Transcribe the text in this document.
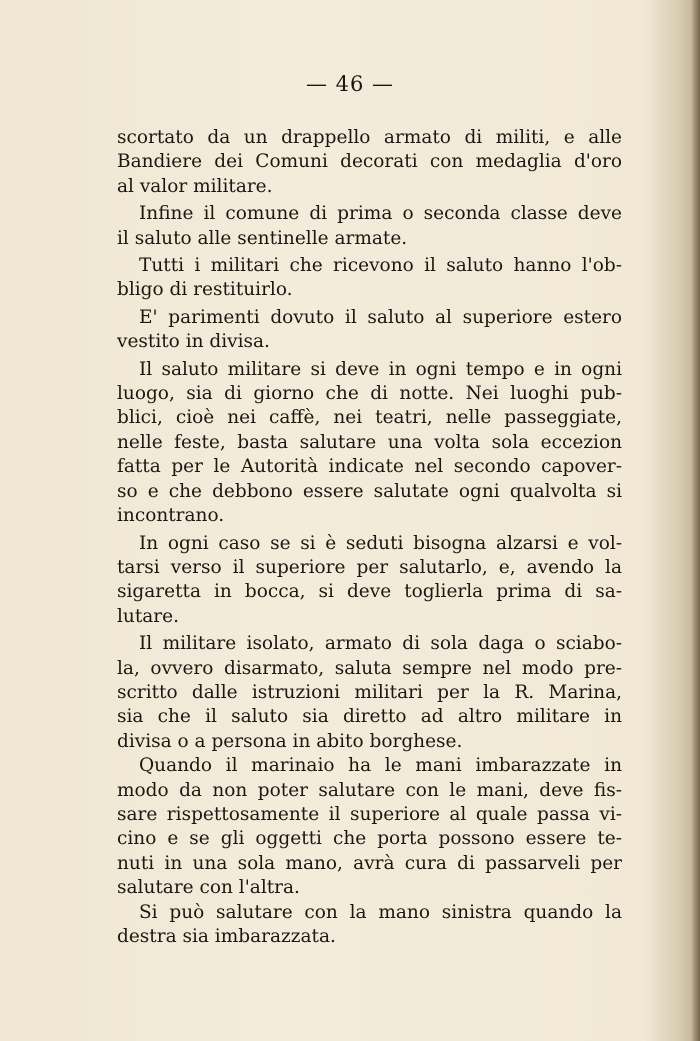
— 46 —
scortato da un drappello armato di militi, e alle
Bandiere dei Comuni decorati con medaglia d'oro
al valor militare.
Infine il comune di prima o seconda classe deve
il saluto alle sentinelle armate.
Tutti i militari che ricevono il saluto hanno l'ob-
bligo di restituirlo.
E' parimenti dovuto il saluto al superiore estero
vestito in divisa.
Il saluto militare si deve in ogni tempo e in ogni
luogo, sia di giorno che di notte. Nei luoghi pub-
blici, cioè nei caffè, nei teatri, nelle passeggiate,
nelle feste, basta salutare una volta sola eccezion
fatta per le Autorità indicate nel secondo capover-
so e che debbono essere salutate ogni qualvolta si
incontrano.
In ogni caso se si è seduti bisogna alzarsi e vol-
tarsi verso il superiore per salutarlo, e, avendo la
sigaretta in bocca, si deve toglierla prima di sa-
lutare.
Il militare isolato, armato di sola daga o sciabo-
la, ovvero disarmato, saluta sempre nel modo pre-
scritto dalle istruzioni militari per la R. Marina,
sia che il saluto sia diretto ad altro militare in
divisa o a persona in abito borghese.
Quando il marinaio ha le mani imbarazzate in
modo da non poter salutare con le mani, deve fis-
sare rispettosamente il superiore al quale passa vi-
cino e se gli oggetti che porta possono essere te-
nuti in una sola mano, avrà cura di passarveli per
salutare con l'altra.
Si può salutare con la mano sinistra quando la
destra sia imbarazzata.
